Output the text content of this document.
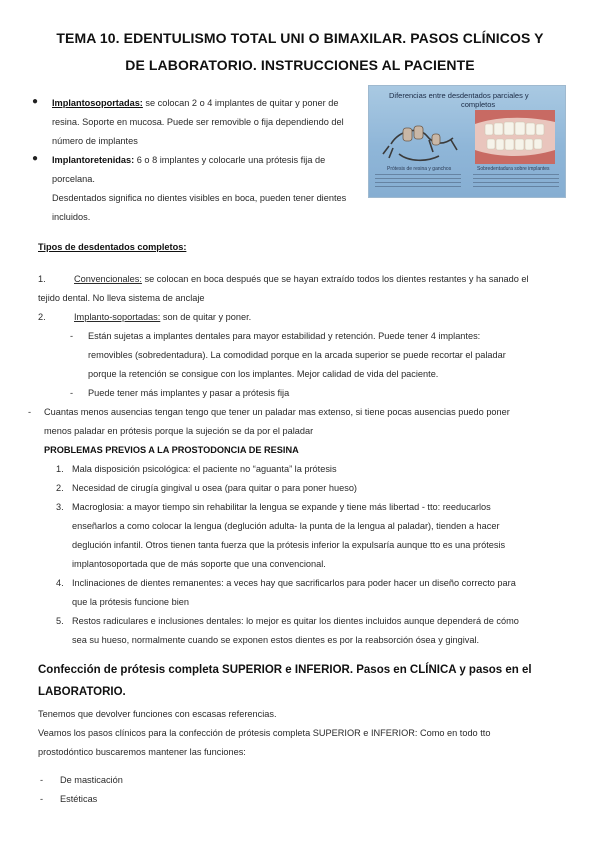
TEMA 10. EDENTULISMO TOTAL UNI O BIMAXILAR. PASOS CLÍNICOS Y
DE LABORATORIO. INSTRUCCIONES AL PACIENTE
● Implantosoportadas: se colocan 2 o 4 implantes de quitar y poner de
resina. Soporte en mucosa. Puede ser removible o fija dependiendo del
número de implantes
● Implantoretenidas: 6 o 8 implantes y colocarle una prótesis fija de
porcelana.
Desdentados significa no dientes visibles en boca, pueden tener dientes
incluidos.
Diferencias entre desdentados parciales y
completos
Prótesis de resina y ganchos	Sobredentadura sobre implantes
Tipos de desdentados completos:
1.	Convencionales: se colocan en boca después que se hayan extraído todos los dientes restantes y ha sanado el
tejido dental. No lleva sistema de anclaje
2.	Implanto-soportadas: son de quitar y poner.
- Están sujetas a implantes dentales para mayor estabilidad y retención. Puede tener 4 implantes:
removibles (sobredentadura). La comodidad porque en la arcada superior se puede recortar el paladar
porque la retención se consigue con los implantes. Mejor calidad de vida del paciente.
- Puede tener más implantes y pasar a prótesis fija
- Cuantas menos ausencias tengan tengo que tener un paladar mas extenso, si tiene pocas ausencias puedo poner
menos paladar en prótesis porque la sujeción se da por el paladar
PROBLEMAS PREVIOS A LA PROSTODONCIA DE RESINA
1. Mala disposición psicológica: el paciente no “aguanta” la prótesis
2. Necesidad de cirugía gingival u osea (para quitar o para poner hueso)
3. Macroglosia: a mayor tiempo sin rehabilitar la lengua se expande y tiene más libertad - tto: reeducarlos
enseñarlos a como colocar la lengua (deglución adulta- la punta de la lengua al paladar), tienden a hacer
deglución infantil. Otros tienen tanta fuerza que la prótesis inferior la expulsaría aunque tto es una prótesis
implantosoportada que de más soporte que una convencional.
4. Inclinaciones de dientes remanentes: a veces hay que sacrificarlos para poder hacer un diseño correcto para
que la prótesis funcione bien
5. Restos radiculares e inclusiones dentales: lo mejor es quitar los dientes incluidos aunque dependerá de cómo
sea su hueso, normalmente cuando se exponen estos dientes es por la reabsorción ósea y gingival.
Confección de prótesis completa SUPERIOR e INFERIOR. Pasos en CLÍNICA y pasos en el
LABORATORIO.
Tenemos que devolver funciones con escasas referencias.
Veamos los pasos clínicos para la confección de prótesis completa SUPERIOR e INFERIOR: Como en todo tto
prostodóntico buscaremos mantener las funciones:
- De masticación
- Estéticas
